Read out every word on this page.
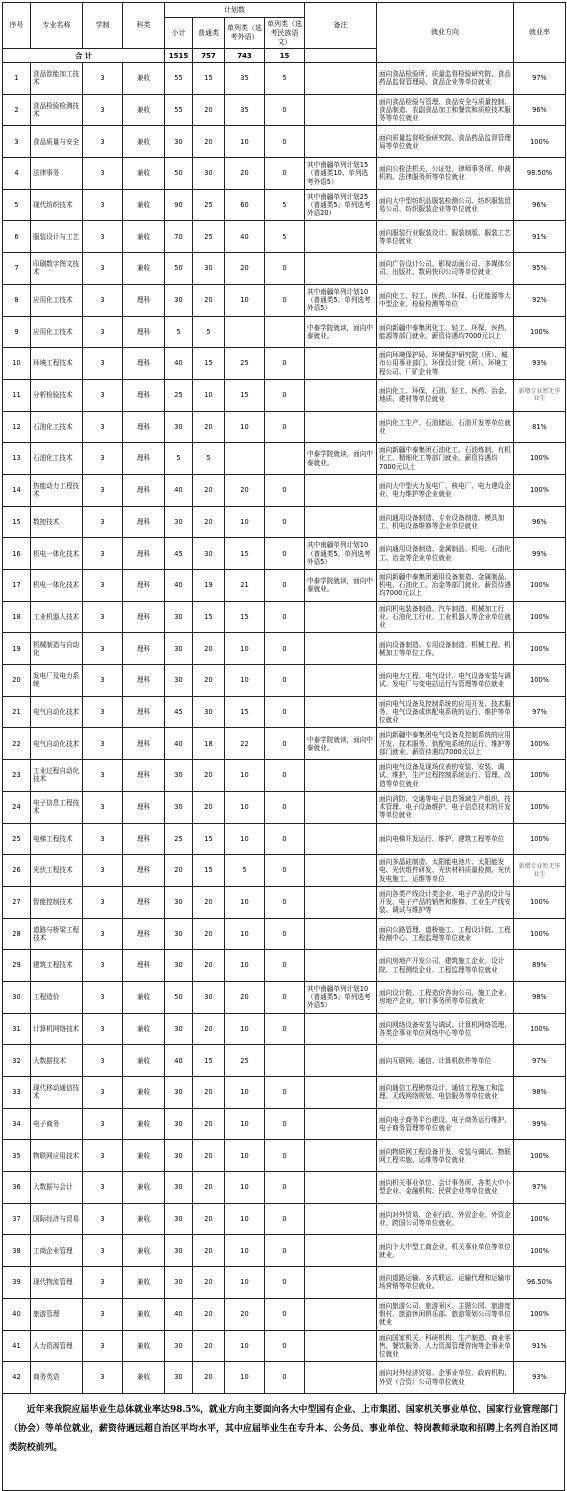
序号	专业名称	学制	科类	计划数				备注	就业方向	就业率
				小计	普通类	单列类（选考外语）	单列类（选考民族语文）			
合 计				1515	757	743	15			
1	食品智能加工技术	3	兼收	55	15	35	5		面向食品检验所、质量监督检验研究院、食品药品监督管理局、食品企业等单位就业	97%
2	食品检验检测技术	3	兼收	55	20	35	0		面向食品检验与管理、食品安全与质量控制、食品制造、农副食品加工和餐饮和质检技术服务等单位就业	96%
3	食品质量与安全	3	兼收	30	20	10	0		面向质量监督检验研究院、食品药品监督管理局等单位就业	100%
4	法律事务	3	兼收	50	30	20	0	其中南疆单列计划15（普通类10、单列选考外语5）	面向公检法机关、公证处、律师事务所、仲裁机构、法律服务所等单位就业	98.50%
5	现代纺织技术	3	兼收	90	25	60	5	其中南疆单列计划25（普通类5、单列选考外语20）	面向大中型纺织品服装检测公司、纺织服装贸易公司、纺织服装企业等单位就业	96%
6	服装设计与工艺	3	兼收	70	25	40	5		面向服装行业服装设计、服装制版、服装工艺等单位就业	91%
7	印刷数字图文技术	3	兼收	50	30	20	0		面向广告设计公司、影视动画公司、多媒体公司、出版社、数码快印公司等单位就业	95%
8	应用化工技术	3	理科	30	20	10	0	其中南疆单列计划10（普通类5、单列选考外语5）	面向化工、轻工、医药、环保、石化能源等大中型企业、检验检测等单位	92%
9	应用化工技术	3	理科	5	5			中泰学院就读，面向中泰就业。	面向新疆中泰集团化工、轻工、环保、医药、能源等部门就业。薪资待遇均7000元以上	100%
10	环境工程技术	3	理科	40	15	25	0		面向环境保护局、环境保护研究院（所）、城市公用事业部门、环保设计院（所）、环境工程公司、厂矿企业等	93%
11	分析检验技术	3	理科	25	10	15	0		面向化工、环保、石油、轻工、医药、冶金、地质、建材等单位就业	新增专业暂无毕业生
12	石油化工技术	3	理科	30	20	10	0		面向化工生产、石油储运、石油开发等单位就业	81%
13	石油化工技术	3	理科	5	5			中泰学院就读，面向中泰就业。	面向新疆中泰集团石油化工、石油炼制、有机化工、精细化工等部门就业。薪资待遇均7000元以上	100%
14	热能动力工程技术	3	理科	40	20	20	0		面向大中型火力发电厂、核电厂、电力建设企业、电力维护等企业就业	100%
15	数控技术	3	理科	30	20	10	0		面向通用设备制造、专业设备制造、模具加工、机电设备维修等企业单位就业	96%
16	机电一体化技术	3	理科	45	30	15	0	其中南疆单列计划10（普通类5、单列选考外语5）	面向通用设备制造、金属制品、机电、石油化工、冶金等企业单位就业	99%
17	机电一体化技术	3	理科	40	19	21	0	中泰学院就读，面向中泰就业。	面向新疆中泰集团通用设备制造、金属制品、机电、石油化工、冶金等部门就业。薪资待遇均7000元以上	100%
18	工业机器人技术	3	理科	30	15	15	0		面向机电装备制造、汽车制造、机械加工行业、石油化工行业、工业机器人等企业单位就业	100%
19	机械制造与自动化	3	理科	30	20	10	0		面向设备制造、专用设备制造、机械工程、机械加工等单位工作。	100%
20	发电厂及电力系统	3	理科	30	20	10	0		面向电力工程、电气设计、电气设备安装与调试、发电厂与变电站运行与管理等单位就业	100%
21	电气自动化技术	3	理科	45	30	15	0		面向电气设备及控制系统的应用开发、技术服务、电气设备或供配电系统的运行、维护等单位就业	97%
22	电气自动化技术	3	理科	40	18	22	0	中泰学院就读，面向中泰就业。	面向新疆中泰集团电气设备及控制系统的应用开发、技术服务、供配电系统的运行、维护等部门就业。薪资待遇均7000元以上	100%
23	工业过程自动化技术	3	理科	30	20	10	0		面向电气设备及现场仪表的安装、安装、调试、维护，生产过程控制系统运行、管理、改造等单位就业	100%
24	电子信息工程技术	3	理科	30	20	10	0		面向消防、交通等电子信息领域生产组织、技术管理、电子设备维护、电子信息技术的开发等单位就业	100%
25	电梯工程技术	3	理科	25	15	10	0		面向电梯开发运行、维护、建筑工程等单位	100%
26	光伏工程技术	3	理科	20	15	5	0		面向多晶硅制造、太阳能电池片、太阳能发电、光伏组件研发、光伏材料质量检测、光伏发电施工、运维等单位	新增专业暂无毕业生
27	智能控制技术	3	理科	30	20	10	0		面向各类产线设计类企业、电子产品的设计与开发、电子产品的销售和维修、工业生产线安装、调试与维护等	100%
28	道路与桥梁工程技术	3	理科	30	20	10	0		面向公路管理、道桥施工、工程设计院、工程检测中心、工程监理等单位就业	100%
29	建筑工程技术	3	理科	30	20	10	0		面向房地产开发公司、建筑施工企业、设计院、工程测绘企业、工程监理等单位就业	89%
30	工程造价	3	兼收	50	30	20	0	其中南疆单列计划10（普通类5、单列选考外语5）	面向设计院、工程造价咨询公司、施工企业、房地产企业、审计事务所等单位就业	98%
31	计算机网络技术	3	兼收	30	20	10	0		面向网络设备安装与调试、计算机网络管理、各类企事业单位网络中心等单位	100%
32	大数据技术	3	兼收	40	15	25			面向互联网、通信、计算机软件等单位	97%
33	现代移动通信技术	3	兼收	30	20	10	0		面向通信工程勘察设计、通信工程施工和监理、无线网络规划、电信服务等单位就业	98%
34	电子商务	3	兼收	30	20	10	0		面向电子商务平台建设、电子商务运行维护、电子商务管理等单位就业	99%
35	物联网应用技术	3	兼收	30	20	10	0		面向物联网工程设备开发、安装与调试、物联网工程实施、运维等单位就业	100%
36	大数据与会计	3	兼收	30	20	10	0		面向机关事业单位、会计事务所、各类大中小型企业、金融机构、民营企业等单位就业	97%
37	国际经济与贸易	3	兼收	30	20	10	0		面向对外贸易、企业行政、外贸企业、外资企业、跨国公司等单位就业。	100%
38	工商企业管理	3	兼收	30	20	10	0		面向个大中型工商企业、机关事业单位等单位就业。	100%
39	现代物流管理	3	兼收	30	20	10	0		面向道路运输、多式联运、运输代理和运输市场营销等单位就业。	96.50%
40	旅游管理	3	兼收	40	20	20	0		面向旅游公司、旅游景区、主题公园、旅游度假村、旅游休闲俱乐部、旅游策划公司等单位就业	100%
41	人力资源管理	3	兼收	30	20	10	0		面向国家机关、科研机构、生产制造、商业零售、餐饮服务、人力资源管理咨询等企事业单位就业	91%
42	商务英语	3	兼收	30	20	10	0		面向对外经济贸易、企事业单位、政府机构、外贸（合资）公司等单位就业	93%
近年来我院应届毕业生总体就业率达98.5%，就业方向主要面向各大中型国有企业、上市集团、国家机关事业单位、国家行业管理部门（协会）等单位就业，薪资待遇远超自治区平均水平，其中应届毕业生在专升本、公务员、事业单位、特岗教师录取和招聘上名列自治区同类院校前列。
